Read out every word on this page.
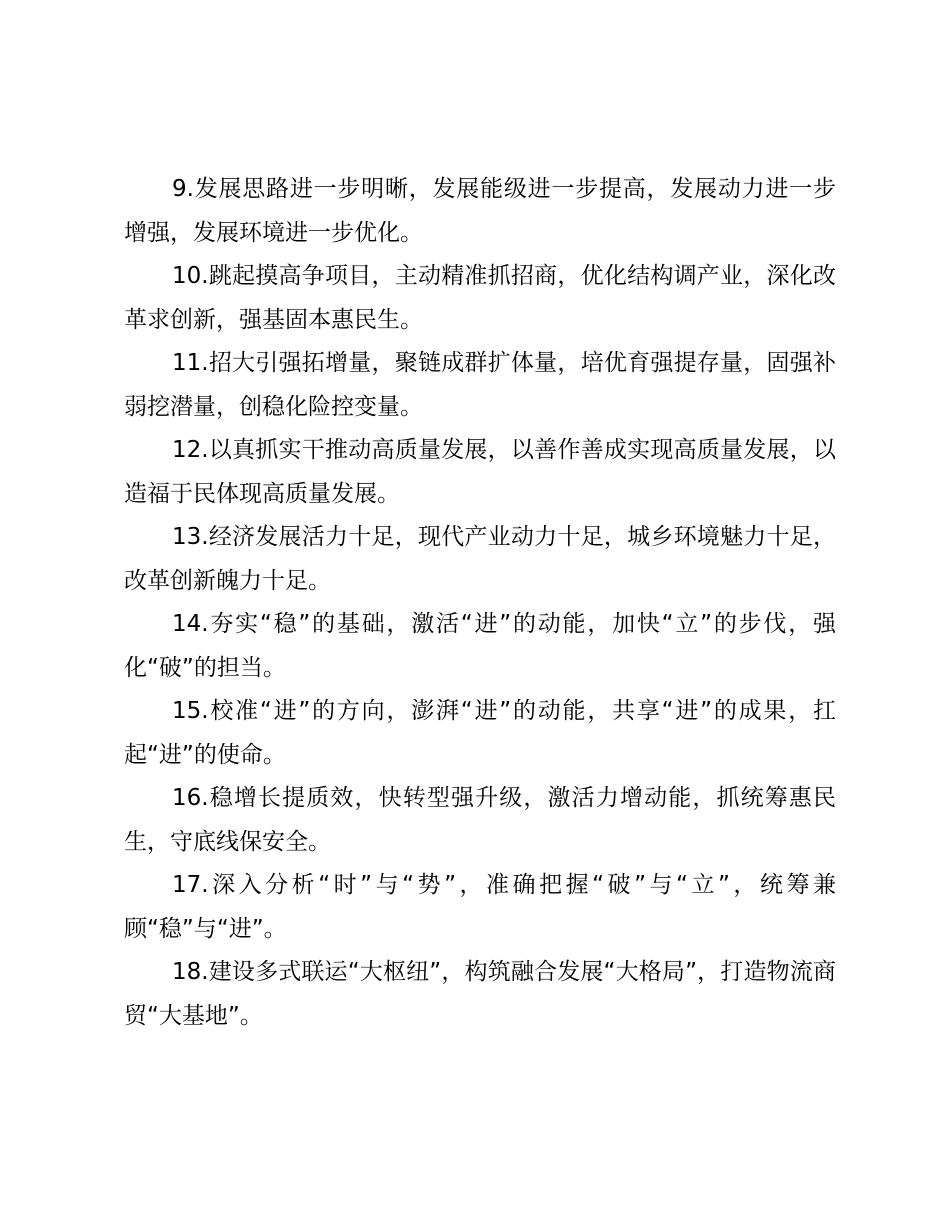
9.发展思路进一步明晰，发展能级进一步提高，发展动力进一步增强，发展环境进一步优化。

10.跳起摸高争项目，主动精准抓招商，优化结构调产业，深化改革求创新，强基固本惠民生。

11.招大引强拓增量，聚链成群扩体量，培优育强提存量，固强补弱挖潜量，创稳化险控变量。

12.以真抓实干推动高质量发展，以善作善成实现高质量发展，以造福于民体现高质量发展。

13.经济发展活力十足，现代产业动力十足，城乡环境魅力十足，改革创新魄力十足。

14.夯实“稳”的基础，激活“进”的动能，加快“立”的步伐，强化“破”的担当。

15.校准“进”的方向，澎湃“进”的动能，共享“进”的成果，扛起“进”的使命。

16.稳增长提质效，快转型强升级，激活力增动能，抓统筹惠民生，守底线保安全。

17.深入分析“时”与“势”，准确把握“破”与“立”，统筹兼顾“稳”与“进”。

18.建设多式联运“大枢纽”，构筑融合发展“大格局”，打造物流商贸“大基地”。
